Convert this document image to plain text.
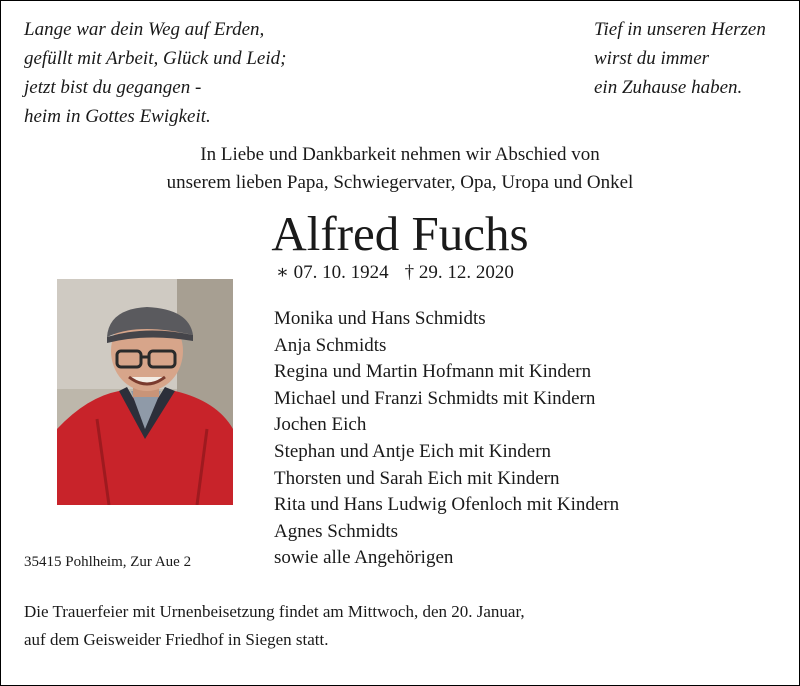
Lange war dein Weg auf Erden,
gefüllt mit Arbeit, Glück und Leid;
jetzt bist du gegangen -
heim in Gottes Ewigkeit.
Tief in unseren Herzen
wirst du immer
ein Zuhause haben.
In Liebe und Dankbarkeit nehmen wir Abschied von
unserem lieben Papa, Schwiegervater, Opa, Uropa und Onkel
Alfred Fuchs
∗ 07. 10. 1924 † 29. 12. 2020
35415 Pohlheim, Zur Aue 2
Monika und Hans Schmidts
Anja Schmidts
Regina und Martin Hofmann mit Kindern
Michael und Franzi Schmidts mit Kindern
Jochen Eich
Stephan und Antje Eich mit Kindern
Thorsten und Sarah Eich mit Kindern
Rita und Hans Ludwig Ofenloch mit Kindern
Agnes Schmidts
sowie alle Angehörigen
Die Trauerfeier mit Urnenbeisetzung findet am Mittwoch, den 20. Januar,
auf dem Geisweider Friedhof in Siegen statt.
